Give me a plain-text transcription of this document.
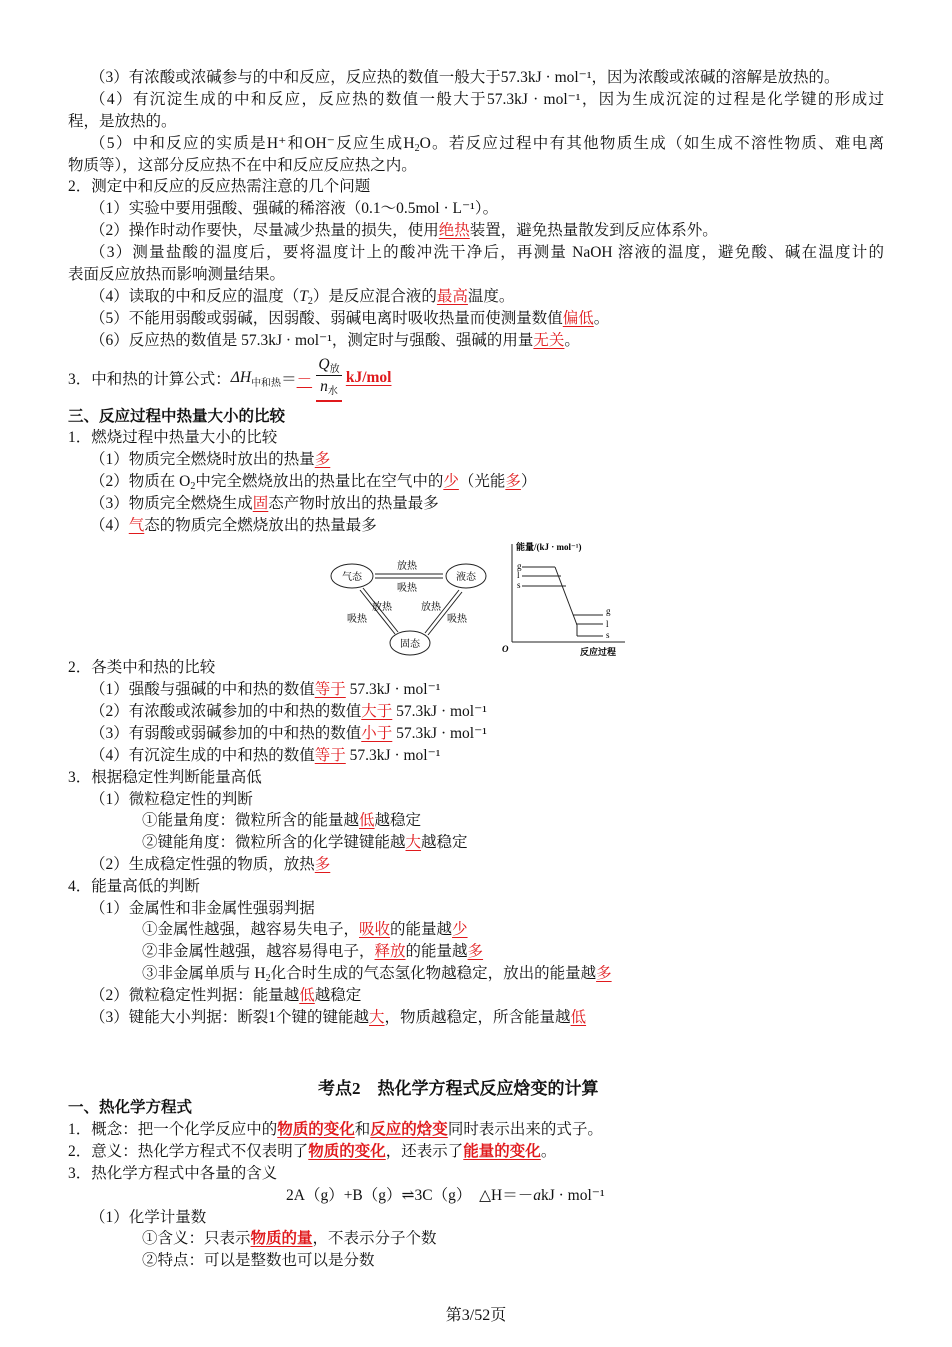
（3）有浓酸或浓碱参与的中和反应，反应热的数值一般大于57.3kJ · mol⁻¹，因为浓酸或浓碱的溶解是放热的。
（4）有沉淀生成的中和反应，反应热的数值一般大于57.3kJ · mol⁻¹，因为生成沉淀的过程是化学键的形成过
程，是放热的。
（5）中和反应的实质是H⁺和OH⁻反应生成$H_2O$。若反应过程中有其他物质生成（如生成不溶性物质、难电离
物质等），这部分反应热不在中和反应反应热之内。
2．测定中和反应的反应热需注意的几个问题
（1）实验中要用强酸、强碱的稀溶液（0.1～0.5mol · L⁻¹）。
（2）操作时动作要快，尽量减少热量的损失，使用绝热装置，避免热量散发到反应体系外。
（3）测量盐酸的温度后，要将温度计上的酸冲洗干净后，再测量 NaOH 溶液的温度，避免酸、碱在温度计的
表面反应放热而影响测量结果。
（4）读取的中和反应的温度$(T_2)$是反应混合液的最高温度。
（5）不能用弱酸或弱碱，因弱酸、弱碱电离时吸收热量而使测量数值偏低。
（6）反应热的数值是 57.3kJ · mol⁻¹，测定时与强酸、强碱的用量无关。
三、反应过程中热量大小的比较
1．燃烧过程中热量大小的比较
（1）物质完全燃烧时放出的热量多
（2）物质在 $O_2$中完全燃烧放出的热量比在空气中的少（光能多）
（3）物质完全燃烧生成固态产物时放出的热量最多
（4）气态的物质完全燃烧放出的热量最多
2．各类中和热的比较
（1）强酸与强碱的中和热的数值等于 57.3kJ · mol⁻¹
（2）有浓酸或浓碱参加的中和热的数值大于 57.3kJ · mol⁻¹
（3）有弱酸或弱碱参加的中和热的数值小于 57.3kJ · mol⁻¹
（4）有沉淀生成的中和热的数值等于 57.3kJ · mol⁻¹
3．根据稳定性判断能量高低
（1）微粒稳定性的判断
①能量角度：微粒所含的能量越低越稳定
②键能角度：微粒所含的化学键键能越大越稳定
（2）生成稳定性强的物质，放热多
4．能量高低的判断
（1）金属性和非金属性强弱判据
①金属性越强，越容易失电子，吸收的能量越少
②非金属性越强，越容易得电子，释放的能量越多
③非金属单质与 $H_2$化合时生成的气态氢化物越稳定，放出的能量越多
（2）微粒稳定性判据：能量越低越稳定
（3）键能大小判据：断裂1个键的键能越大，物质越稳定，所含能量越低
一、热化学方程式
1．概念：把一个化学反应中的物质的变化和反应的焓变同时表示出来的式子。
2．意义：热化学方程式不仅表明了物质的变化，还表示了能量的变化。
3．热化学方程式中各量的含义
2A（g）+B（g）⇌3C（g）　△H＝－akJ · mol⁻¹
（1）化学计量数
①含义：只表示物质的量，不表示分子个数
②特点：可以是整数也可以是分数
3．中和热的计算公式： ΔH中和热 ＝ － $\frac{Q_放}{n_水} kJ/mol$
气态	液态
固态
放热
吸热
放热
吸热
放热
吸热
能量/(kJ · mol⁻¹)
O	反应过程
g
l
s
g
l
s
考点2　热化学方程式反应焓变的计算
第3/52页
